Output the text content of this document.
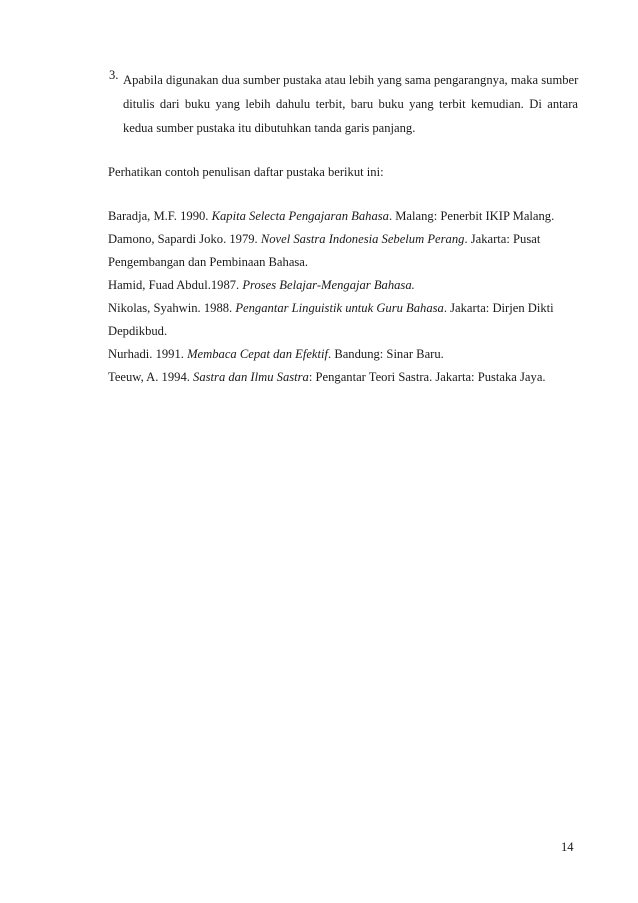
3. Apabila digunakan dua sumber pustaka atau lebih yang sama pengarangnya, maka sumber
ditulis dari buku yang lebih dahulu terbit, baru buku yang terbit kemudian. Di antara
kedua sumber pustaka itu dibutuhkan tanda garis panjang.
Perhatikan contoh penulisan daftar pustaka berikut ini:
Baradja, M.F. 1990. Kapita Selecta Pengajaran Bahasa. Malang: Penerbit IKIP Malang.
Damono, Sapardi Joko. 1979. Novel Sastra Indonesia Sebelum Perang. Jakarta: Pusat
Pengembangan dan Pembinaan Bahasa.
Hamid, Fuad Abdul.1987. Proses Belajar-Mengajar Bahasa.
Nikolas, Syahwin. 1988. Pengantar Linguistik untuk Guru Bahasa. Jakarta: Dirjen Dikti
Depdikbud.
Nurhadi. 1991. Membaca Cepat dan Efektif. Bandung: Sinar Baru.
Teeuw, A. 1994. Sastra dan Ilmu Sastra: Pengantar Teori Sastra. Jakarta: Pustaka Jaya.
14
